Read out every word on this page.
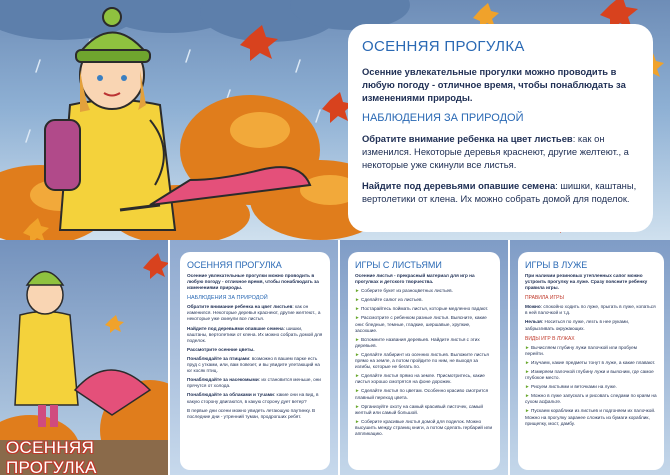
ОСЕННЯЯ ПРОГУЛКА
Осенние увлекательные прогулки можно проводить в любую погоду - отличное время, чтобы понаблюдать за изменениями природы.
НАБЛЮДЕНИЯ ЗА ПРИРОДОЙ
Обратите внимание ребенка на цвет листьев: как он изменился. Некоторые деревья краснеют, другие желтеют., а некоторые уже скинули все листья.
Найдите под деревьями опавшие семена: шишки, каштаны, вертолетики от клена. Их можно собрать домой для поделок.
ОСЕННЯЯ ПРОГУЛКА
ОСЕННЯЯ ПРОГУЛКА
Осенние увлекательные прогулки можно проводить в любую погоду - отличное время, чтобы понаблюдать за изменениями природы.
НАБЛЮДЕНИЯ ЗА ПРИРОДОЙ
Обратите внимание ребенка на цвет листьев: как он изменился. Некоторые деревья краснеют, другие желтеют., а некоторые уже скинули все листья.
Найдите под деревьями опавшие семена: шишки, каштаны, вертолетики от клена. Их можно собрать домой для поделок.
Рассмотрите осенние цветы.
Понаблюдайте за птицами: возможно в вашем парке есть пруд с утками, или, вам повезет, и вы увидите улетающий на юг косяк птиц.
Понаблюдайте за насекомыми: их становится меньше, они прячутся от холода.
Понаблюдайте за облаками и тучами: какие они на вид, в какую сторону двигаются, в какую сторону дует ветер?
В первые дни осени можно увидеть летающую паутинку. В последние дни - утренний туман, продрогших ребят.
ИГРЫ С ЛИСТЬЯМИ
Осенние листья - прекрасный материал для игр на прогулках и детского творчества.
► Соберите букет из разноцветных листьев.
► Сделайте салют из листьев.
► Постарайтесь поймать листья, которые медленно падают.
► Рассмотрите с ребенком разные листья. Выясните, какие они: бледные, темные, гладкие, шершавые, хрупкие, засохшие.
► Вспомните названия деревьев. Найдите листья с этих деревьев.
► Сделайте лабиринт из осенних листьев. Выложите листья прямо на земле, а потом пройдите по ним, не выходя за изгибы, которые не бегать по.
► Сделайте листья прямо на земле. Присмотритесь, какие листья хорошо смотрятся на фоне дорожек.
► Сделайте листья по цветам. Особенно красиво смотрится плавный переход цвета.
► Организуйте охоту на самый красивый листочек, самый желтый или самый большой.
► Соберите красивые листья домой для поделок. Можно высушить между страниц книги, а потом сделать гербарий или аппликацию.
ИГРЫ В ЛУЖЕ
При наличии резиновых утепленных сапог можно устроить прогулку на луже. Сразу поясните ребенку правила игры.
ПРАВИЛА ИГРЫ
Можно: спокойно ходить по луже, прыгать в луже, копаться в ней палочкой и т.д.
Нельзя: Носиться по луже, лезть в нее руками, забрызгивать окружающих.
ВИДЫ ИГР В ЛУЖАХ
► Вычисляем глубину лужи палочкой или пробуем перейти.
► Изучаем, какие предметы тонут в луже, а какие плавают.
► Измеряем палочкой глубину лужи и выясним, где самое глубокое место.
► Рисуем листьями и веточками на луже.
► Можно в луже запускать и рисовать следами по краям на сухом асфальте.
► Пускаем кораблики из листьев и подгоняем их палочкой. Можно на прогулку заранее сложить из бумаги кораблик, прищепку, мост, дамбу.
